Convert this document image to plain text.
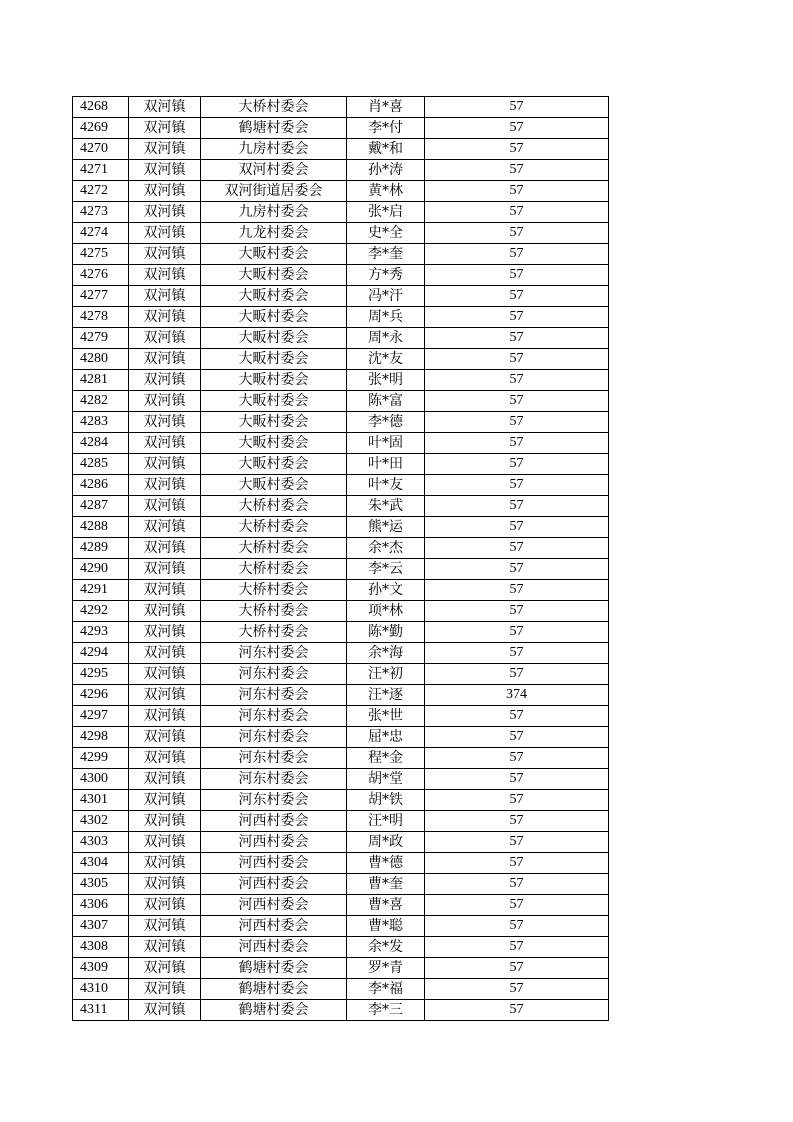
4268	双河镇	大桥村委会	肖*喜	57
4269	双河镇	鹤塘村委会	李*付	57
4270	双河镇	九房村委会	戴*和	57
4271	双河镇	双河村委会	孙*涛	57
4272	双河镇	双河街道居委会	黄*林	57
4273	双河镇	九房村委会	张*启	57
4274	双河镇	九龙村委会	史*全	57
4275	双河镇	大畈村委会	李*奎	57
4276	双河镇	大畈村委会	方*秀	57
4277	双河镇	大畈村委会	冯*汗	57
4278	双河镇	大畈村委会	周*兵	57
4279	双河镇	大畈村委会	周*永	57
4280	双河镇	大畈村委会	沈*友	57
4281	双河镇	大畈村委会	张*明	57
4282	双河镇	大畈村委会	陈*富	57
4283	双河镇	大畈村委会	李*德	57
4284	双河镇	大畈村委会	叶*固	57
4285	双河镇	大畈村委会	叶*田	57
4286	双河镇	大畈村委会	叶*友	57
4287	双河镇	大桥村委会	朱*武	57
4288	双河镇	大桥村委会	熊*运	57
4289	双河镇	大桥村委会	余*杰	57
4290	双河镇	大桥村委会	李*云	57
4291	双河镇	大桥村委会	孙*文	57
4292	双河镇	大桥村委会	项*林	57
4293	双河镇	大桥村委会	陈*勤	57
4294	双河镇	河东村委会	余*海	57
4295	双河镇	河东村委会	汪*初	57
4296	双河镇	河东村委会	汪*逐	374
4297	双河镇	河东村委会	张*世	57
4298	双河镇	河东村委会	屈*忠	57
4299	双河镇	河东村委会	程*金	57
4300	双河镇	河东村委会	胡*堂	57
4301	双河镇	河东村委会	胡*铁	57
4302	双河镇	河西村委会	汪*明	57
4303	双河镇	河西村委会	周*政	57
4304	双河镇	河西村委会	曹*德	57
4305	双河镇	河西村委会	曹*奎	57
4306	双河镇	河西村委会	曹*喜	57
4307	双河镇	河西村委会	曹*聪	57
4308	双河镇	河西村委会	余*发	57
4309	双河镇	鹤塘村委会	罗*青	57
4310	双河镇	鹤塘村委会	李*福	57
4311	双河镇	鹤塘村委会	李*三	57
